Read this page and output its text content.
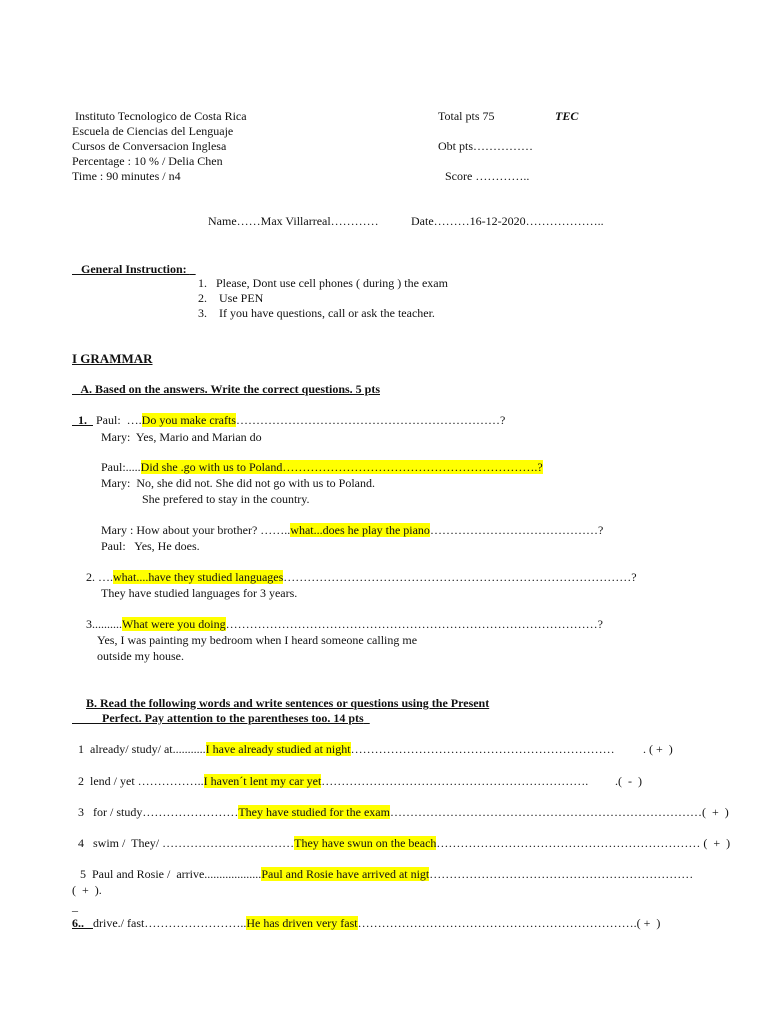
Instituto Tecnologico de Costa Rica
Escuela de Ciencias del Lenguaje
Cursos de Conversacion Inglesa
Percentage : 10 % / Delia Chen
Time : 90 minutes / n4
Total pts 75	TEC
Obt pts……………
Score …………..
Name……Max Villarreal…………	Date………16-12-2020………………..
General Instruction:
1.   Please, Dont use cell phones ( during ) the exam
2.    Use PEN
3.    If you have questions, call or ask the teacher.
I GRAMMAR
A. Based on the answers. Write the correct questions. 5 pts
1. Paul:  ….Do you make crafts…………………………………………………………?
Mary:  Yes, Mario and Marian do
Paul:.....Did she .go with us to Poland……………………………………………………….?
Mary:  No, she did not. She did not go with us to Poland.
She prefered to stay in the country.
Mary : How about your brother? ……..what...does he play the piano……………………………………?
Paul:   Yes, He does.
2. ….what....have they studied languages……………………………………………………………………………?
They have studied languages for 3 years.
3..........What were you doing…………………………………………………………………………………?
Yes, I was painting my bedroom when I heard someone calling me
outside my house.
B. Read the following words and write sentences or questions using the Present
Perfect. Pay attention to the parentheses too. 14 pts
1  already/ study/ at...........I have already studied at night………………………………………………………… . ( +  )
2  lend / yet ……………..I haven´t lent my car yet…………………………………………………………. .(  -  )
3   for / study……………………They have studied for the exam……………………………………………………………………(  +  )
4   swim /  They/ ……………………………They have swun on the beach………………………………………………………… (  +  )
5  Paul and Rosie /  arrive...................Paul and Rosie have arrived at nigt…………………………………………………………
(  +  ).
_
6.. drive./ fast……………………..He has driven very fast…………………………………………………………….( +  )
